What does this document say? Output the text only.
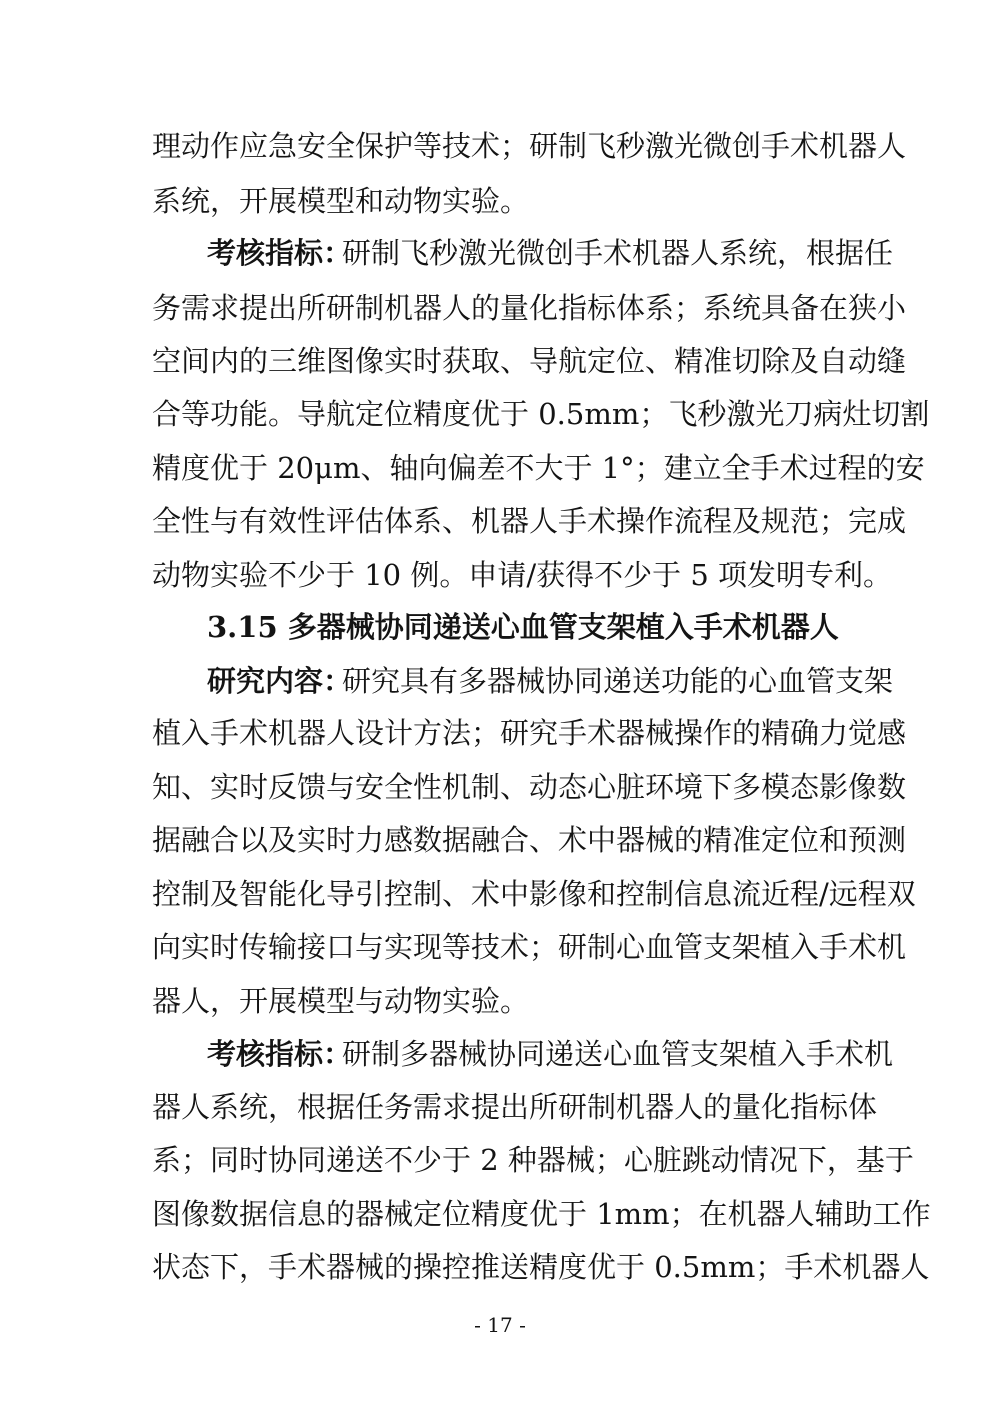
理动作应急安全保护等技术；研制飞秒激光微创手术机器人
系统，开展模型和动物实验。
考核指标：
研制飞秒激光微创手术机器人系统，根据任
务需求提出所研制机器人的量化指标体系；系统具备在狭小
空间内的三维图像实时获取、导航定位、精准切除及自动缝
合等功能。导航定位精度优于 0.5mm；飞秒激光刀病灶切割
精度优于 20μm、轴向偏差不大于 1°；建立全手术过程的安
全性与有效性评估体系、机器人手术操作流程及规范；完成
动物实验不少于 10 例。申请/获得不少于 5 项发明专利。
3.15 多器械协同递送心血管支架植入手术机器人
研究内容：
研究具有多器械协同递送功能的心血管支架
植入手术机器人设计方法；研究手术器械操作的精确力觉感
知、实时反馈与安全性机制、动态心脏环境下多模态影像数
据融合以及实时力感数据融合、术中器械的精准定位和预测
控制及智能化导引控制、术中影像和控制信息流近程/远程双
向实时传输接口与实现等技术；研制心血管支架植入手术机
器人，开展模型与动物实验。
考核指标：
研制多器械协同递送心血管支架植入手术机
器人系统，根据任务需求提出所研制机器人的量化指标体
系；同时协同递送不少于 2 种器械；心脏跳动情况下，基于
图像数据信息的器械定位精度优于 1mm；在机器人辅助工作
状态下，手术器械的操控推送精度优于 0.5mm；手术机器人
- 17 -
